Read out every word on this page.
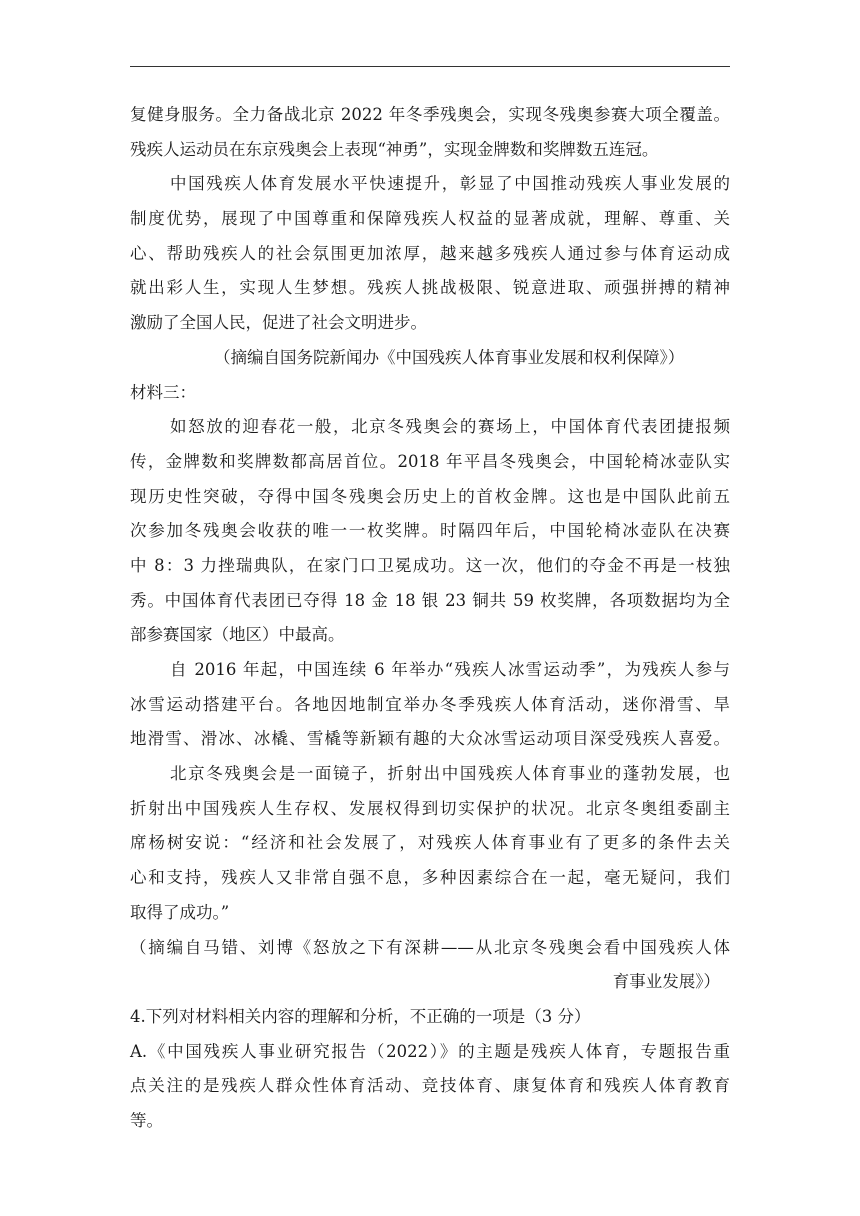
复健身服务。全力备战北京 2022 年冬季残奥会，实现冬残奥参赛大项全覆盖。
残疾人运动员在东京残奥会上表现“神勇”，实现金牌数和奖牌数五连冠。
中国残疾人体育发展水平快速提升，彰显了中国推动残疾人事业发展的
制度优势，展现了中国尊重和保障残疾人权益的显著成就，理解、尊重、关
心、帮助残疾人的社会氛围更加浓厚，越来越多残疾人通过参与体育运动成
就出彩人生，实现人生梦想。残疾人挑战极限、锐意进取、顽强拼搏的精神
激励了全国人民，促进了社会文明进步。
（摘编自国务院新闻办《中国残疾人体育事业发展和权利保障》）
材料三：
如怒放的迎春花一般，北京冬残奥会的赛场上，中国体育代表团捷报频
传，金牌数和奖牌数都高居首位。2018 年平昌冬残奥会，中国轮椅冰壶队实
现历史性突破，夺得中国冬残奥会历史上的首枚金牌。这也是中国队此前五
次参加冬残奥会收获的唯一一枚奖牌。时隔四年后，中国轮椅冰壶队在决赛
中 8：3 力挫瑞典队，在家门口卫冕成功。这一次，他们的夺金不再是一枝独
秀。中国体育代表团已夺得 18 金 18 银 23 铜共 59 枚奖牌，各项数据均为全
部参赛国家（地区）中最高。
自 2016 年起，中国连续 6 年举办“残疾人冰雪运动季”，为残疾人参与
冰雪运动搭建平台。各地因地制宜举办冬季残疾人体育活动，迷你滑雪、旱
地滑雪、滑冰、冰橇、雪橇等新颖有趣的大众冰雪运动项目深受残疾人喜爱。
北京冬残奥会是一面镜子，折射出中国残疾人体育事业的蓬勃发展，也
折射出中国残疾人生存权、发展权得到切实保护的状况。北京冬奥组委副主
席杨树安说：“经济和社会发展了，对残疾人体育事业有了更多的条件去关
心和支持，残疾人又非常自强不息，多种因素综合在一起，毫无疑问，我们
取得了成功。”
（摘编自马错、刘博《怒放之下有深耕——从北京冬残奥会看中国残疾人体
育事业发展》）
4.下列对材料相关内容的理解和分析，不正确的一项是（3 分）
A.《中国残疾人事业研究报告（2022）》的主题是残疾人体育，专题报告重
点关注的是残疾人群众性体育活动、竞技体育、康复体育和残疾人体育教育
等。
